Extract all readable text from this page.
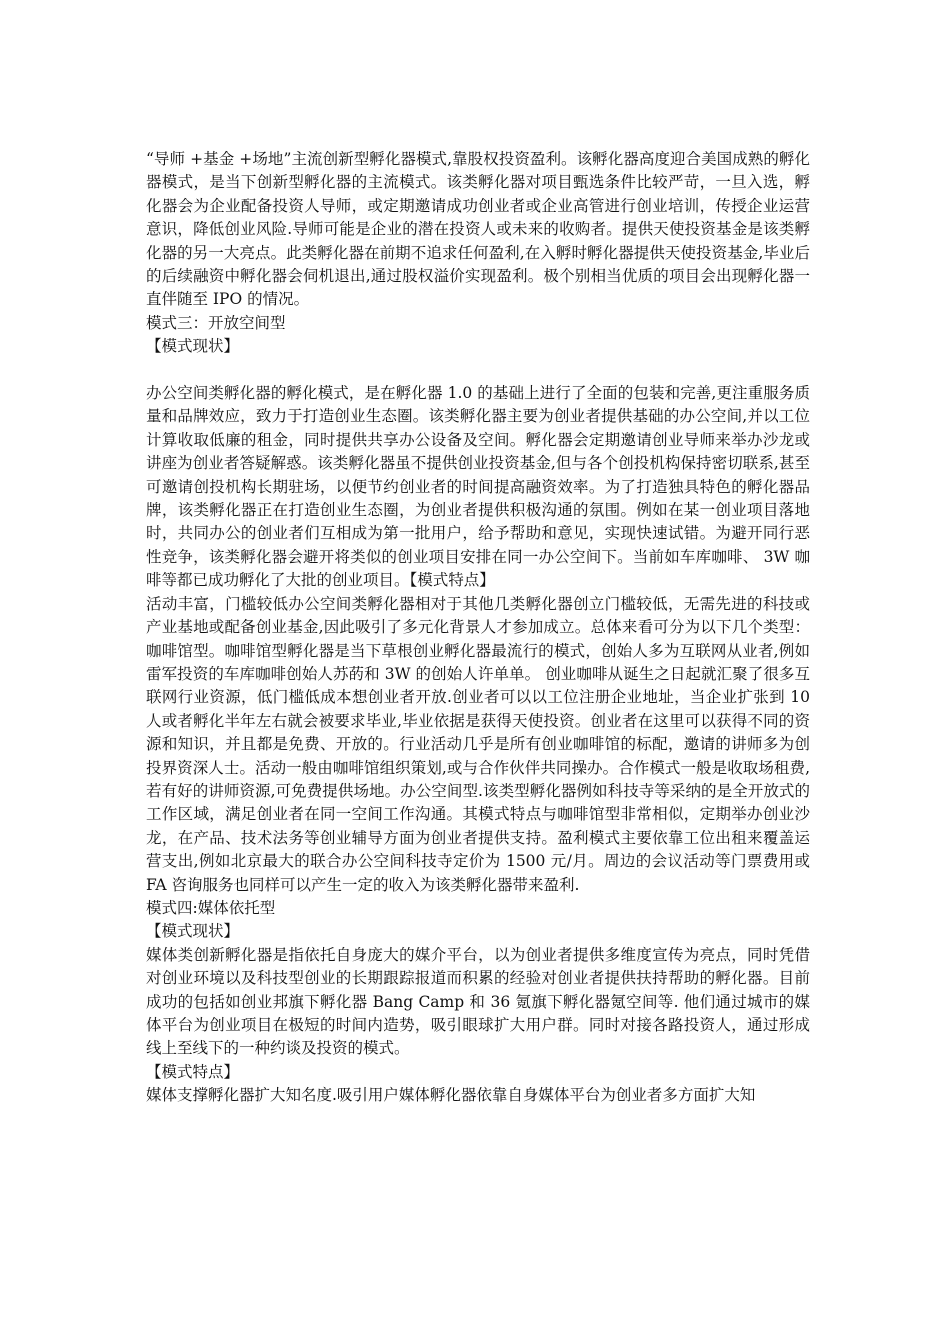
“导师 +基金 +场地”主流创新型孵化器模式,靠股权投资盈利。该孵化器高度迎合美国成熟的孵化器模式，是当下创新型孵化器的主流模式。该类孵化器对项目甄选条件比较严苛，一旦入选，孵化器会为企业配备投资人导师，或定期邀请成功创业者或企业高管进行创业培训，传授企业运营意识，降低创业风险.导师可能是企业的潜在投资人或未来的收购者。提供天使投资基金是该类孵化器的另一大亮点。此类孵化器在前期不追求任何盈利,在入孵时孵化器提供天使投资基金,毕业后的后续融资中孵化器会伺机退出,通过股权溢价实现盈利。极个别相当优质的项目会出现孵化器一直伴随至 IPO 的情况。

模式三：开放空间型

【模式现状】

办公空间类孵化器的孵化模式，是在孵化器 1.0 的基础上进行了全面的包装和完善,更注重服务质量和品牌效应，致力于打造创业生态圈。该类孵化器主要为创业者提供基础的办公空间,并以工位计算收取低廉的租金，同时提供共享办公设备及空间。孵化器会定期邀请创业导师来举办沙龙或讲座为创业者答疑解惑。该类孵化器虽不提供创业投资基金,但与各个创投机构保持密切联系,甚至可邀请创投机构长期驻场，以便节约创业者的时间提高融资效率。为了打造独具特色的孵化器品牌，该类孵化器正在打造创业生态圈，为创业者提供积极沟通的氛围。例如在某一创业项目落地时，共同办公的创业者们互相成为第一批用户，给予帮助和意见，实现快速试错。为避开同行恶性竞争，该类孵化器会避开将类似的创业项目安排在同一办公空间下。当前如车库咖啡、 3W 咖啡等都已成功孵化了大批的创业项目。【模式特点】

活动丰富，门槛较低办公空间类孵化器相对于其他几类孵化器创立门槛较低，无需先进的科技或产业基地或配备创业基金,因此吸引了多元化背景人才参加成立。总体来看可分为以下几个类型：咖啡馆型。咖啡馆型孵化器是当下草根创业孵化器最流行的模式，创始人多为互联网从业者,例如雷军投资的车库咖啡创始人苏菂和 3W 的创始人许单单。 创业咖啡从诞生之日起就汇聚了很多互联网行业资源，低门槛低成本想创业者开放.创业者可以以工位注册企业地址，当企业扩张到 10 人或者孵化半年左右就会被要求毕业,毕业依据是获得天使投资。创业者在这里可以获得不同的资源和知识，并且都是免费、开放的。行业活动几乎是所有创业咖啡馆的标配，邀请的讲师多为创投界资深人士。活动一般由咖啡馆组织策划,或与合作伙伴共同操办。合作模式一般是收取场租费,若有好的讲师资源,可免费提供场地。办公空间型.该类型孵化器例如科技寺等采纳的是全开放式的工作区域，满足创业者在同一空间工作沟通。其模式特点与咖啡馆型非常相似，定期举办创业沙龙，在产品、技术法务等创业辅导方面为创业者提供支持。盈利模式主要依靠工位出租来覆盖运营支出,例如北京最大的联合办公空间科技寺定价为 1500 元/月。周边的会议活动等门票费用或 FA 咨询服务也同样可以产生一定的收入为该类孵化器带来盈利.

模式四:媒体依托型

【模式现状】

媒体类创新孵化器是指依托自身庞大的媒介平台，以为创业者提供多维度宣传为亮点，同时凭借对创业环境以及科技型创业的长期跟踪报道而积累的经验对创业者提供扶持帮助的孵化器。目前成功的包括如创业邦旗下孵化器 Bang Camp 和 36 氪旗下孵化器氪空间等. 他们通过城市的媒体平台为创业项目在极短的时间内造势，吸引眼球扩大用户群。同时对接各路投资人，通过形成线上至线下的一种约谈及投资的模式。

【模式特点】

媒体支撑孵化器扩大知名度.吸引用户媒体孵化器依靠自身媒体平台为创业者多方面扩大知
